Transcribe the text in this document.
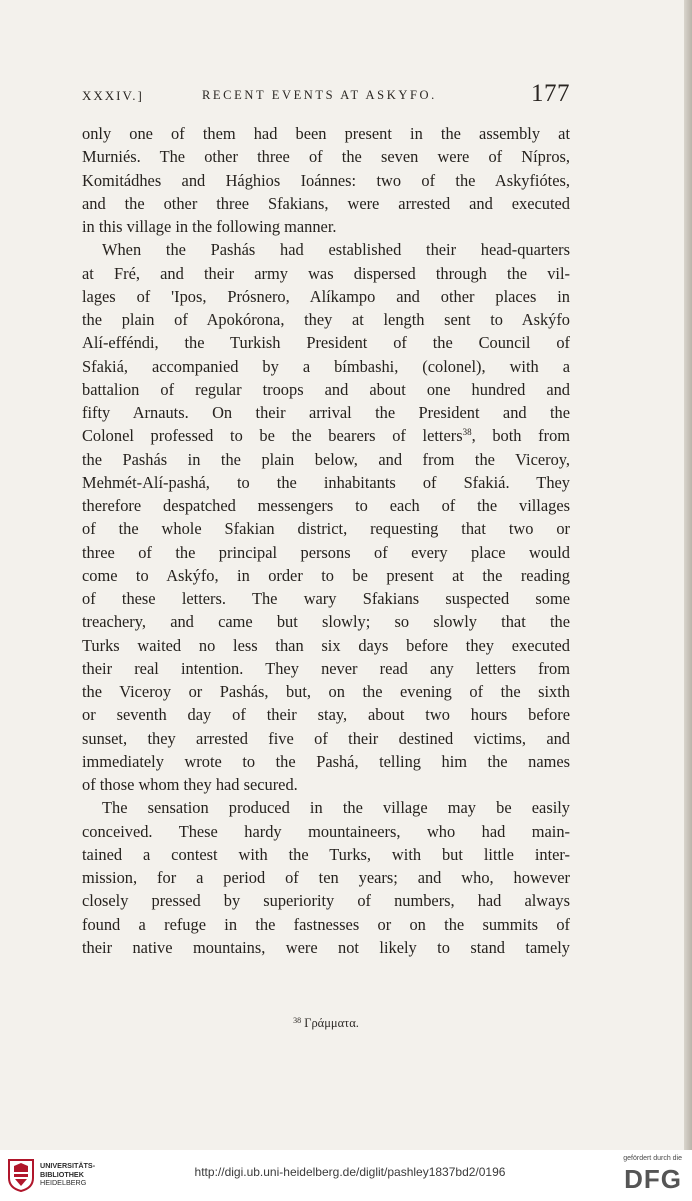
XXXIV.]	RECENT EVENTS AT ASKYFO.	177
only one of them had been present in the assembly at
Murniés. The other three of the seven were of Nípros,
Komitádhes and Hághios Ioánnes: two of the Askyfiótes,
and the other three Sfakians, were arrested and executed
in this village in the following manner.
When the Pashás had established their head-quarters
at Fré, and their army was dispersed through the vil-
lages of 'Ipos, Prósnero, Alíkampo and other places in
the plain of Apokórona, they at length sent to Askýfo
Alí-efféndi, the Turkish President of the Council of
Sfakiá, accompanied by a bímbashi, (colonel), with a
battalion of regular troops and about one hundred and
fifty Arnauts. On their arrival the President and the
Colonel professed to be the bearers of letters$^{38}$, both from
the Pashás in the plain below, and from the Viceroy,
Mehmét-Alí-pashá, to the inhabitants of Sfakiá. They
therefore despatched messengers to each of the villages
of the whole Sfakian district, requesting that two or
three of the principal persons of every place would
come to Askýfo, in order to be present at the reading
of these letters. The wary Sfakians suspected some
treachery, and came but slowly; so slowly that the
Turks waited no less than six days before they executed
their real intention. They never read any letters from
the Viceroy or Pashás, but, on the evening of the sixth
or seventh day of their stay, about two hours before
sunset, they arrested five of their destined victims, and
immediately wrote to the Pashá, telling him the names
of those whom they had secured.
The sensation produced in the village may be easily
conceived. These hardy mountaineers, who had main-
tained a contest with the Turks, with but little inter-
mission, for a period of ten years; and who, however
closely pressed by superiority of numbers, had always
found a refuge in the fastnesses or on the summits of
their native mountains, were not likely to stand tamely
$^{38}$ Γράμματα.
UNIVERSITÄTS-
BIBLIOTHEK
HEIDELBERG
http://digi.ub.uni-heidelberg.de/diglit/pashley1837bd2/0196
gefördert durch die
DFG
